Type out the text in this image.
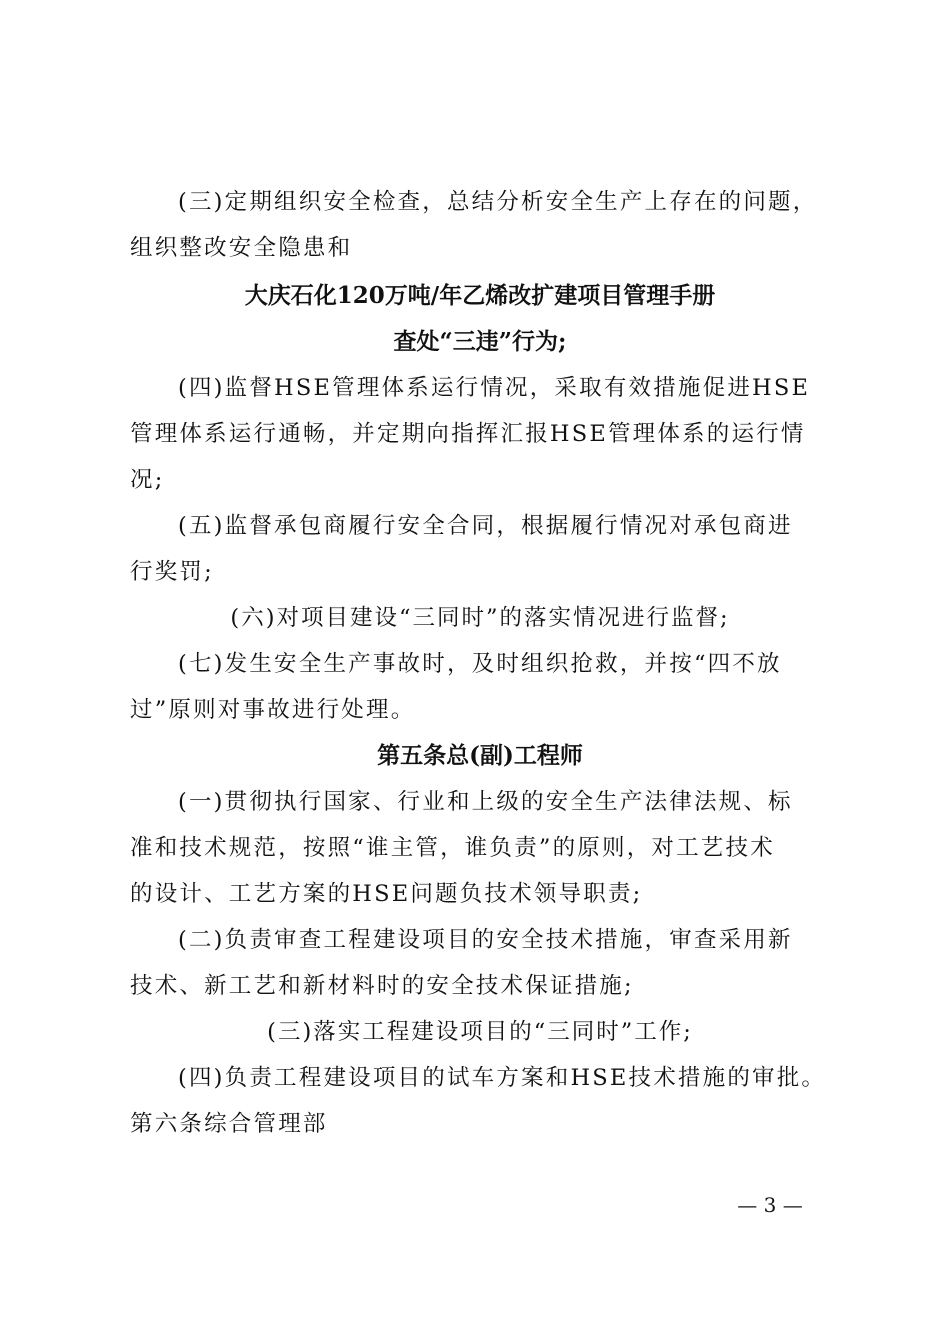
(三)定期组织安全检查，总结分析安全生产上存在的问题，
组织整改安全隐患和
大庆石化120万吨/年乙烯改扩建项目管理手册
查处“三违”行为;
(四)监督HSE管理体系运行情况，采取有效措施促进HSE
管理体系运行通畅，并定期向指挥汇报HSE管理体系的运行情
况;
(五)监督承包商履行安全合同，根据履行情况对承包商进
行奖罚;
(六)对项目建设“三同时”的落实情况进行监督;
(七)发生安全生产事故时，及时组织抢救，并按“四不放
过”原则对事故进行处理。
第五条总(副)工程师
(一)贯彻执行国家、行业和上级的安全生产法律法规、标
准和技术规范，按照“谁主管，谁负责”的原则，对工艺技术
的设计、工艺方案的HSE问题负技术领导职责;
(二)负责审查工程建设项目的安全技术措施，审查采用新
技术、新工艺和新材料时的安全技术保证措施;
(三)落实工程建设项目的“三同时”工作;
(四)负责工程建设项目的试车方案和HSE技术措施的审批。
第六条综合管理部
— 3 —
